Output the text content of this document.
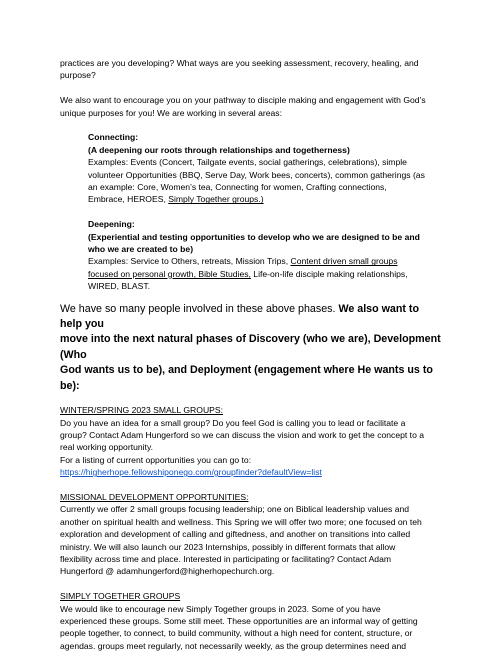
practices are you developing? What ways are you seeking assessment, recovery, healing, and

purpose?

We also want to encourage you on your pathway to disciple making and engagement with God’s

unique purposes for you! We are working in several areas:

Connecting:

(A deepening our roots through relationships and togetherness)

Examples: Events (Concert, Tailgate events, social gatherings, celebrations), simple

volunteer Opportunities (BBQ, Serve Day, Work bees, concerts), common gatherings (as

an example: Core, Women’s tea, Connecting for women, Crafting connections,

Embrace, HEROES, Simply Together groups.)

Deepening:

(Experiential and testing opportunities to develop who we are designed to be and

who we are created to be)

Examples: Service to Others, retreats, Mission Trips, Content driven small groups

focused on personal growth, Bible Studies, Life-on-life disciple making relationships,

WIRED, BLAST.

We have so many people involved in these above phases. We also want to help you

move into the next natural phases of Discovery (who we are), Development (Who

God wants us to be), and Deployment (engagement where He wants us to be):

WINTER/SPRING 2023 SMALL GROUPS:

Do you have an idea for a small group? Do you feel God is calling you to lead or facilitate a

group? Contact Adam Hungerford so we can discuss the vision and work to get the concept to a

real working opportunity.

For a listing of current opportunities you can go to:

https://higherhope.fellowshiponego.com/groupfinder?defaultView=list

MISSIONAL DEVELOPMENT OPPORTUNITIES:

Currently we offer 2 small groups focusing leadership; one on Biblical leadership values and

another on spiritual health and wellness. This Spring we will offer two more; one focused on teh

exploration and development of calling and giftedness, and another on transitions into called

ministry. We will also launch our 2023 Internships, possibly in different formats that allow

flexibility across time and place. Interested in participating or facilitating? Contact Adam

Hungerford @ adamhungerford@higherhopechurch.org.

SIMPLY TOGETHER GROUPS

We would like to encourage new Simply Together groups in 2023. Some of you have

experienced these groups. Some still meet. These opportunities are an informal way of getting

people together, to connect, to build community, without a high need for content, structure, or

agendas. groups meet regularly, not necessarily weekly, as the group determines need and
